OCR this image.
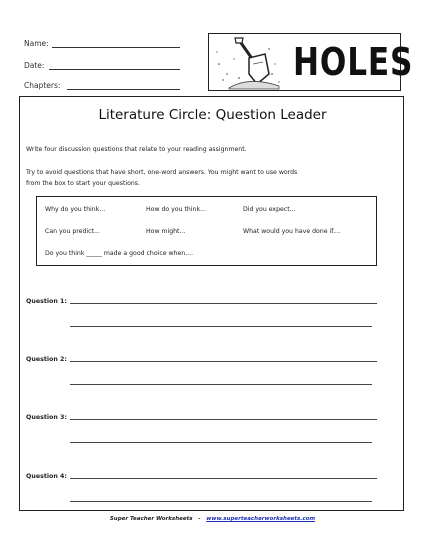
Name:
Date:
Chapters:
HOLES
Literature Circle: Question Leader
Write four discussion questions that relate to your reading assignment.
Try to avoid questions that have short, one-word answers. You might want to use words
from the box to start your questions.
Why do you think...	How do you think...	Did you expect...
Can you predict...	How might...	What would you have done if....
Do you think _____ made a good choice when....
Question 1:
Question 2:
Question 3:
Question 4:
Super Teacher Worksheets - www.superteacherworksheets.com
